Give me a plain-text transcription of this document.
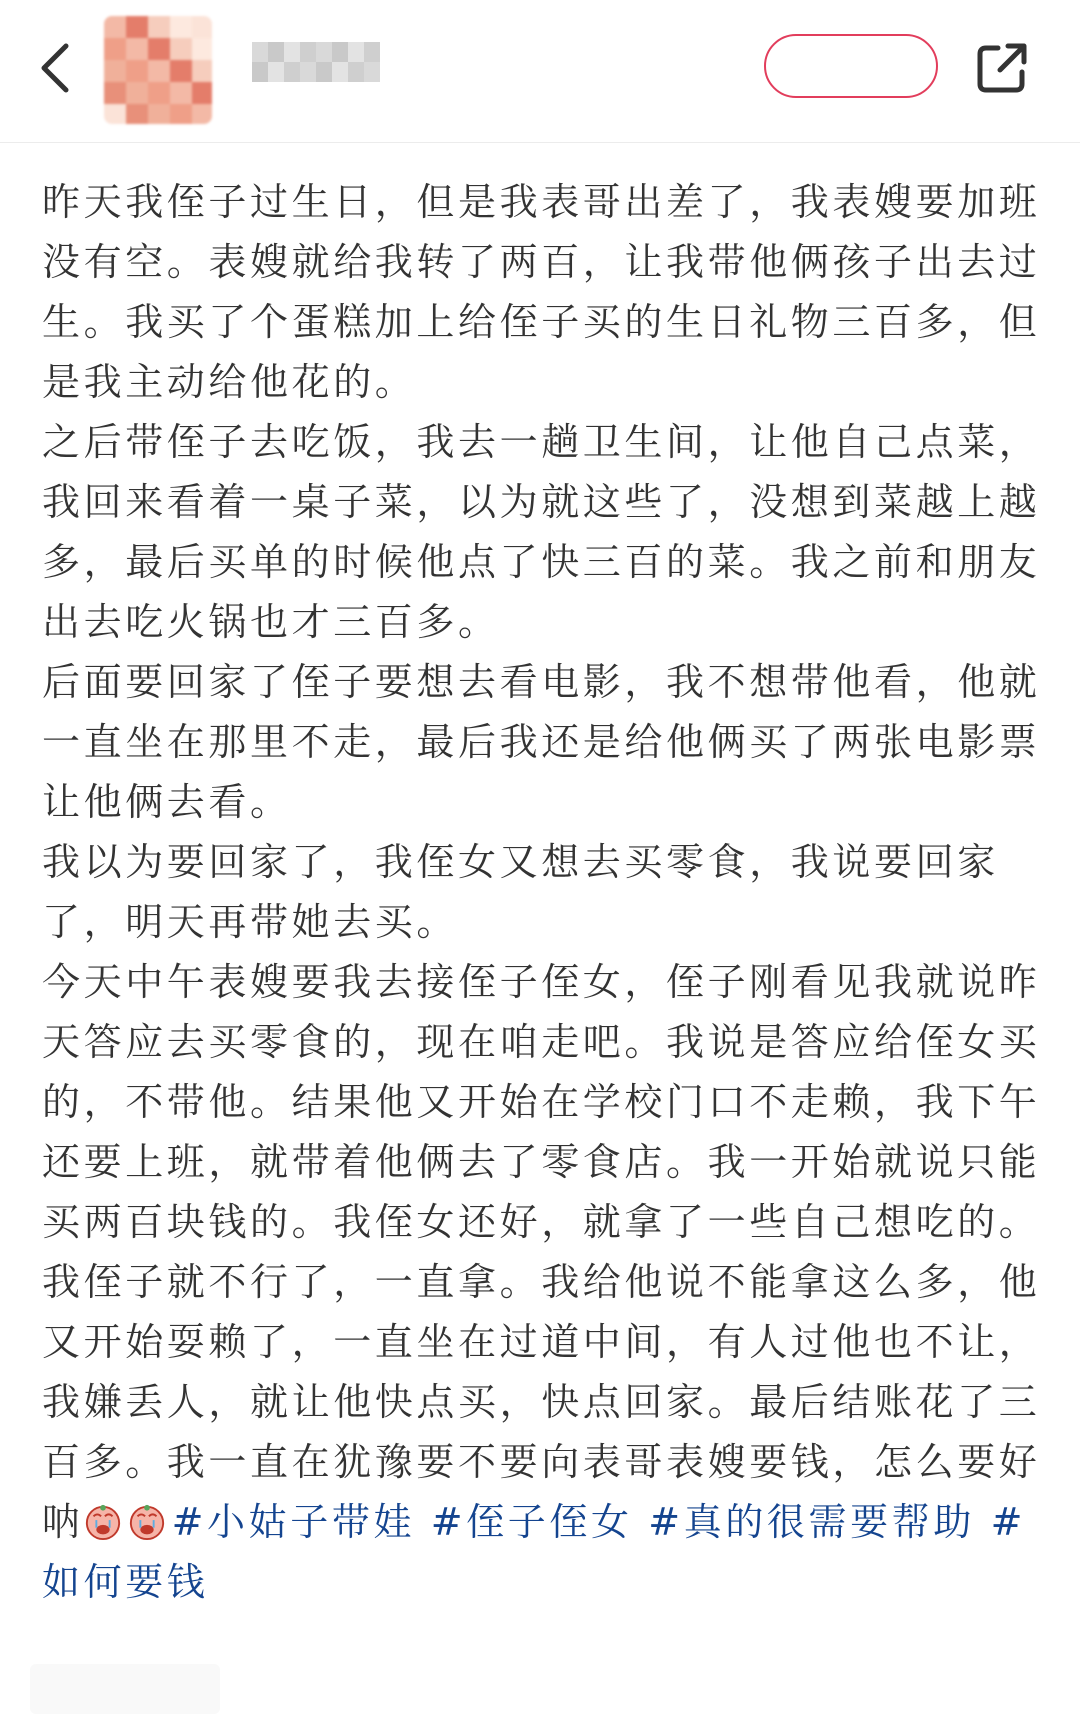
昨天我侄子过生日，但是我表哥出差了，我表嫂要加班没有空。表嫂就给我转了两百，让我带他俩孩子出去过生。我买了个蛋糕加上给侄子买的生日礼物三百多，但是我主动给他花的。

之后带侄子去吃饭，我去一趟卫生间，让他自己点菜，我回来看着一桌子菜，以为就这些了，没想到菜越上越多，最后买单的时候他点了快三百的菜。我之前和朋友出去吃火锅也才三百多。

后面要回家了侄子要想去看电影，我不想带他看，他就一直坐在那里不走，最后我还是给他俩买了两张电影票让他俩去看。

我以为要回家了，我侄女又想去买零食，我说要回家了，明天再带她去买。

今天中午表嫂要我去接侄子侄女，侄子刚看见我就说昨天答应去买零食的，现在咱走吧。我说是答应给侄女买的，不带他。结果他又开始在学校门口不走赖，我下午还要上班，就带着他俩去了零食店。我一开始就说只能买两百块钱的。我侄女还好，就拿了一些自己想吃的。我侄子就不行了，一直拿。我给他说不能拿这么多，他又开始耍赖了，一直坐在过道中间，有人过他也不让，我嫌丢人，就让他快点买，快点回家。最后结账花了三百多。我一直在犹豫要不要向表哥表嫂要钱，怎么要好呐 #小姑子带娃 #侄子侄女 #真的很需要帮助 #如何要钱
